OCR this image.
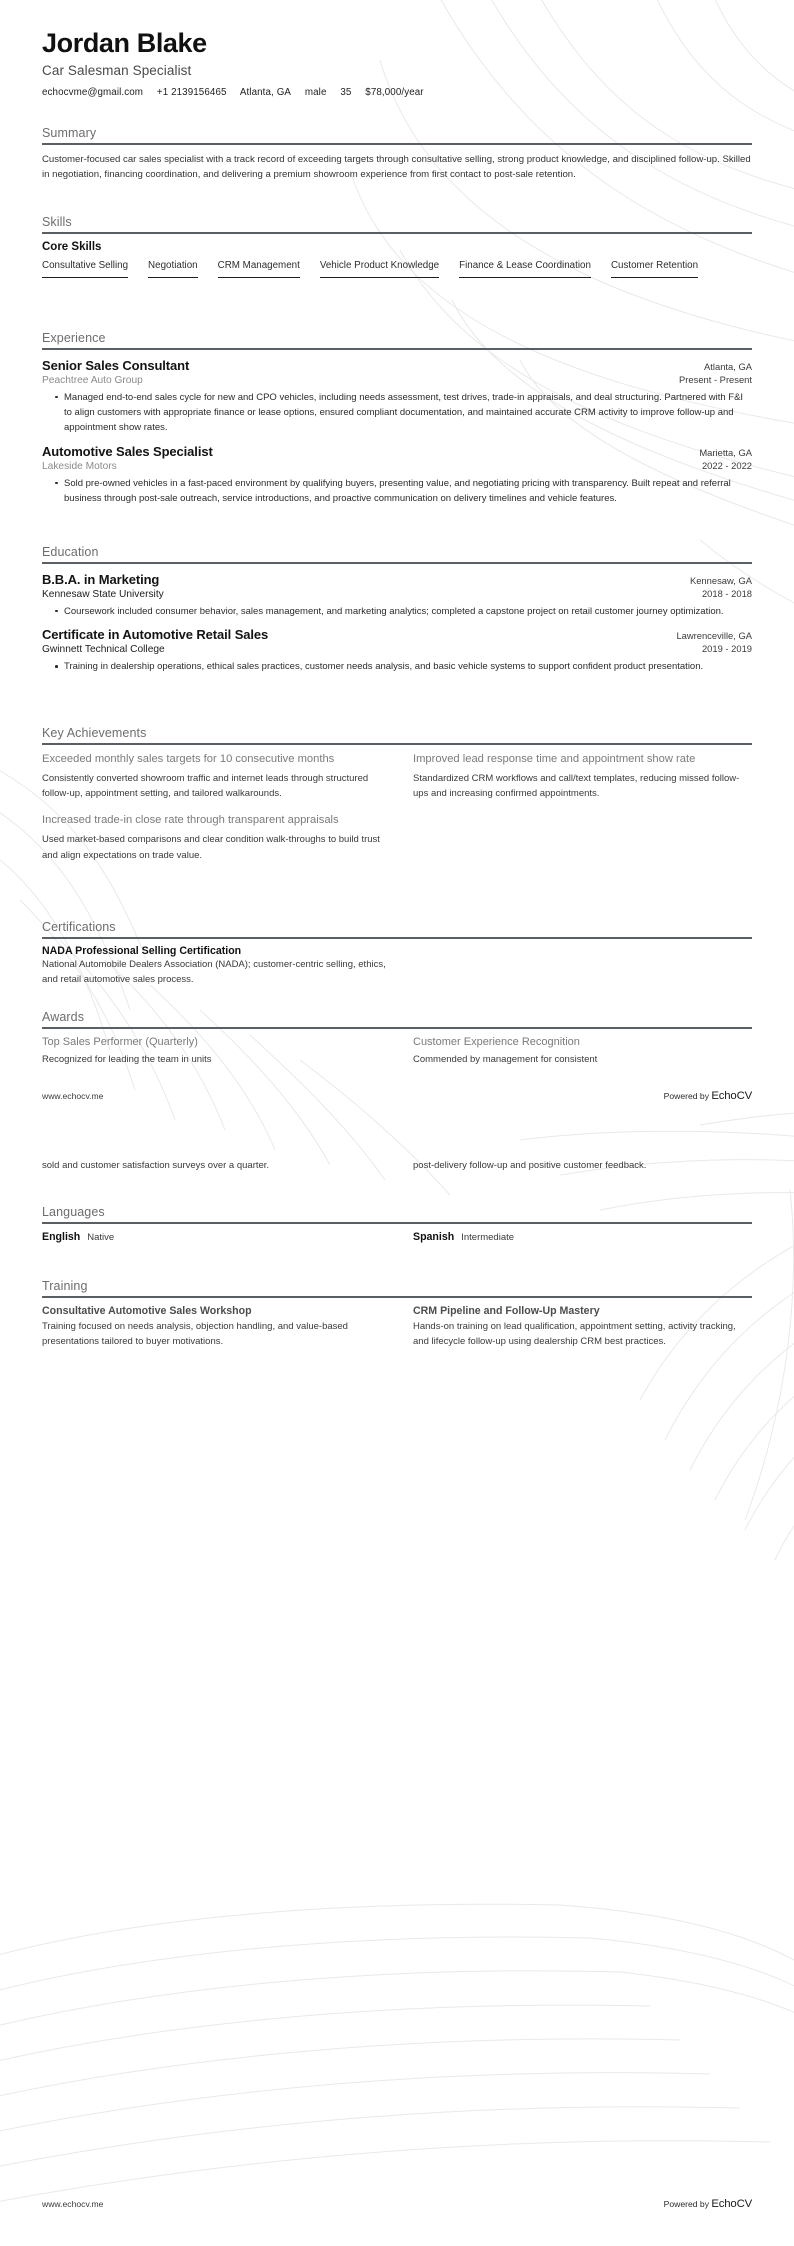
Jordan Blake
Car Salesman Specialist
echocvme@gmail.com +1 2139156465 Atlanta, GA male 35 $78,000/year
Summary
Customer-focused car sales specialist with a track record of exceeding targets through consultative selling, strong product knowledge, and disciplined follow-up. Skilled in negotiation, financing coordination, and delivering a premium showroom experience from first contact to post-sale retention.
Skills
Core Skills
Consultative Selling Negotiation CRM Management Vehicle Product Knowledge Finance & Lease Coordination Customer Retention
Experience
Senior Sales Consultant	Atlanta, GA
Peachtree Auto Group	Present - Present
Managed end-to-end sales cycle for new and CPO vehicles, including needs assessment, test drives, trade-in appraisals, and deal structuring. Partnered with F&I to align customers with appropriate finance or lease options, ensured compliant documentation, and maintained accurate CRM activity to improve follow-up and appointment show rates.
Automotive Sales Specialist	Marietta, GA
Lakeside Motors	2022 - 2022
Sold pre-owned vehicles in a fast-paced environment by qualifying buyers, presenting value, and negotiating pricing with transparency. Built repeat and referral business through post-sale outreach, service introductions, and proactive communication on delivery timelines and vehicle features.
Education
B.B.A. in Marketing	Kennesaw, GA
Kennesaw State University	2018 - 2018
Coursework included consumer behavior, sales management, and marketing analytics; completed a capstone project on retail customer journey optimization.
Certificate in Automotive Retail Sales	Lawrenceville, GA
Gwinnett Technical College	2019 - 2019
Training in dealership operations, ethical sales practices, customer needs analysis, and basic vehicle systems to support confident product presentation.
Key Achievements
Exceeded monthly sales targets for 10 consecutive months
Consistently converted showroom traffic and internet leads through structured follow-up, appointment setting, and tailored walkarounds.
Increased trade-in close rate through transparent appraisals
Used market-based comparisons and clear condition walk-throughs to build trust and align expectations on trade value.
Improved lead response time and appointment show rate
Standardized CRM workflows and call/text templates, reducing missed follow-ups and increasing confirmed appointments.
Certifications
NADA Professional Selling Certification
National Automobile Dealers Association (NADA); customer-centric selling, ethics, and retail automotive sales process.
Awards
Top Sales Performer (Quarterly)
Recognized for leading the team in units
Customer Experience Recognition
Commended by management for consistent
www.echocv.me	Powered by EchoCV
sold and customer satisfaction surveys over a quarter.	post-delivery follow-up and positive customer feedback.
Languages
English Native	Spanish Intermediate
Training
Consultative Automotive Sales Workshop
Training focused on needs analysis, objection handling, and value-based presentations tailored to buyer motivations.
CRM Pipeline and Follow-Up Mastery
Hands-on training on lead qualification, appointment setting, activity tracking, and lifecycle follow-up using dealership CRM best practices.
www.echocv.me	Powered by EchoCV
